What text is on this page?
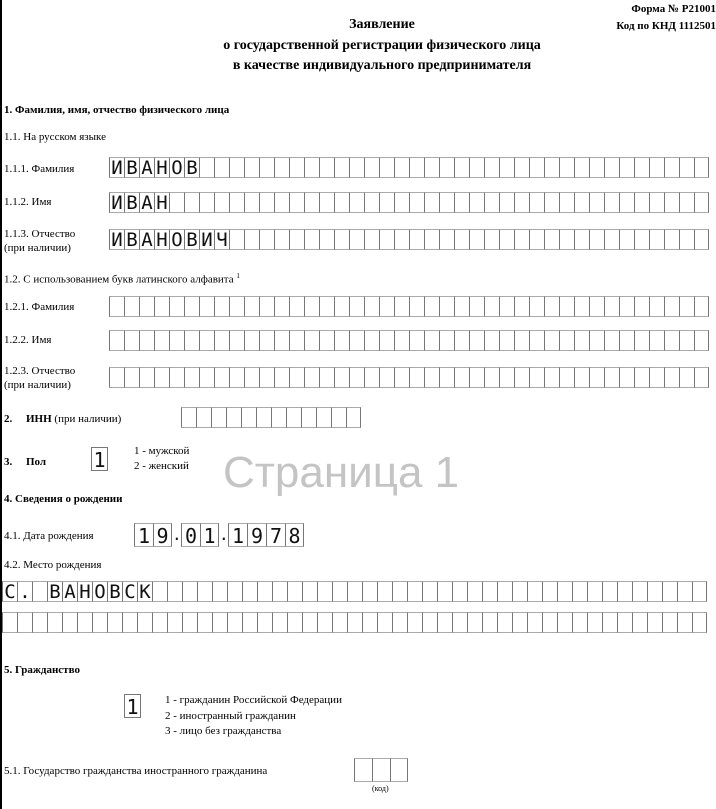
Форма № Р21001
Код по КНД 1112501
Заявление
о государственной регистрации физического лица
в качестве индивидуального предпринимателя
1. Фамилия, имя, отчество физического лица
1.1. На русском языке
1.1.1. Фамилия И В А Н О В
1.1.2. Имя	И В А Н
1.1.3. Отчество
(при наличии) И В А Н О В И Ч
1.2. С использованием букв латинского алфавита $^1$
1.2.1. Фамилия
1.2.2. Имя
1.2.3. Отчество
(при наличии)
2. ИНН (при наличии)
3. Пол 1	1 - мужской
2 - женский Страница 1
4. Сведения о рождении
4.1. Дата рождения 1 9 . 0 1 . 1 9 7 8
4.2. Место рождения
С . В А Н О В С К
5. Гражданство
1 1 - гражданин Российской Федерации
2 - иностранный гражданин
3 - лицо без гражданства
5.1. Государство гражданства иностранного гражданина
(код)
